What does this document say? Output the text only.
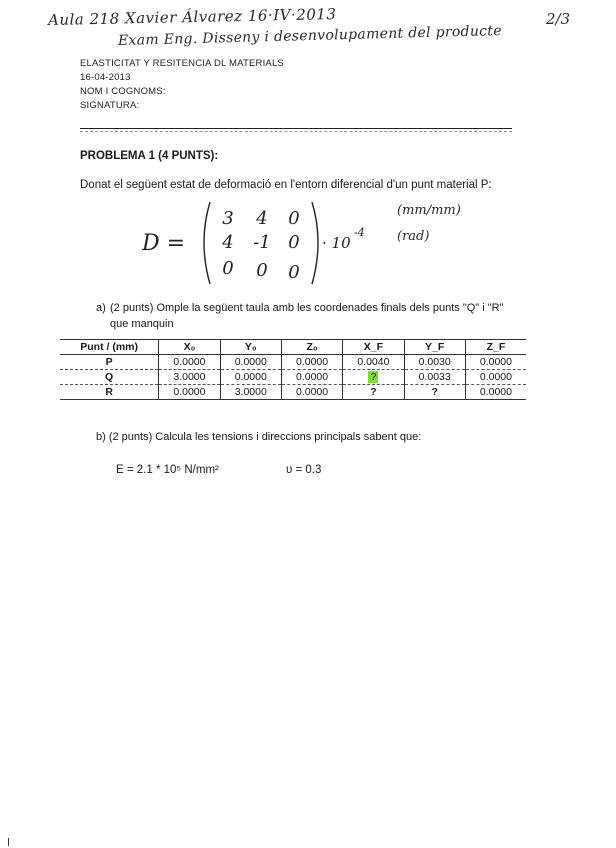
Aula 218 Xavier Álvarez 16·IV·2013
Exam Eng. Disseny i desenvolupament del producte
2/3
ELASTICITAT Y RESITENCIA DL MATERIALS
16-04-2013
NOM I COGNOMS:
SIGNATURA:
PROBLEMA 1 (4 PUNTS):
Donat el següent estat de deformació en l'entorn diferencial d'un punt material P:
D =
3 4 0
4 -1 0
0 0 0
· 10
-4
(mm/mm)
(rad)
a) (2 punts) Omple la següent taula amb les coordenades finals dels punts "Q" i "R" que manquin
Punt / (mm)	X₀	Y₀	Z₀	X_F	Y_F	Z_F
P	0.0000	0.0000	0.0000	0.0040	0.0030	0.0000
Q	3.0000	0.0000	0.0000	?	0.0033	0.0000
R	0.0000	3.0000	0.0000	?	?	0.0000
b) (2 punts) Calcula les tensions i direccions principals sabent que:
E = 2.1 * 10⁵ N/mm²	υ = 0.3
